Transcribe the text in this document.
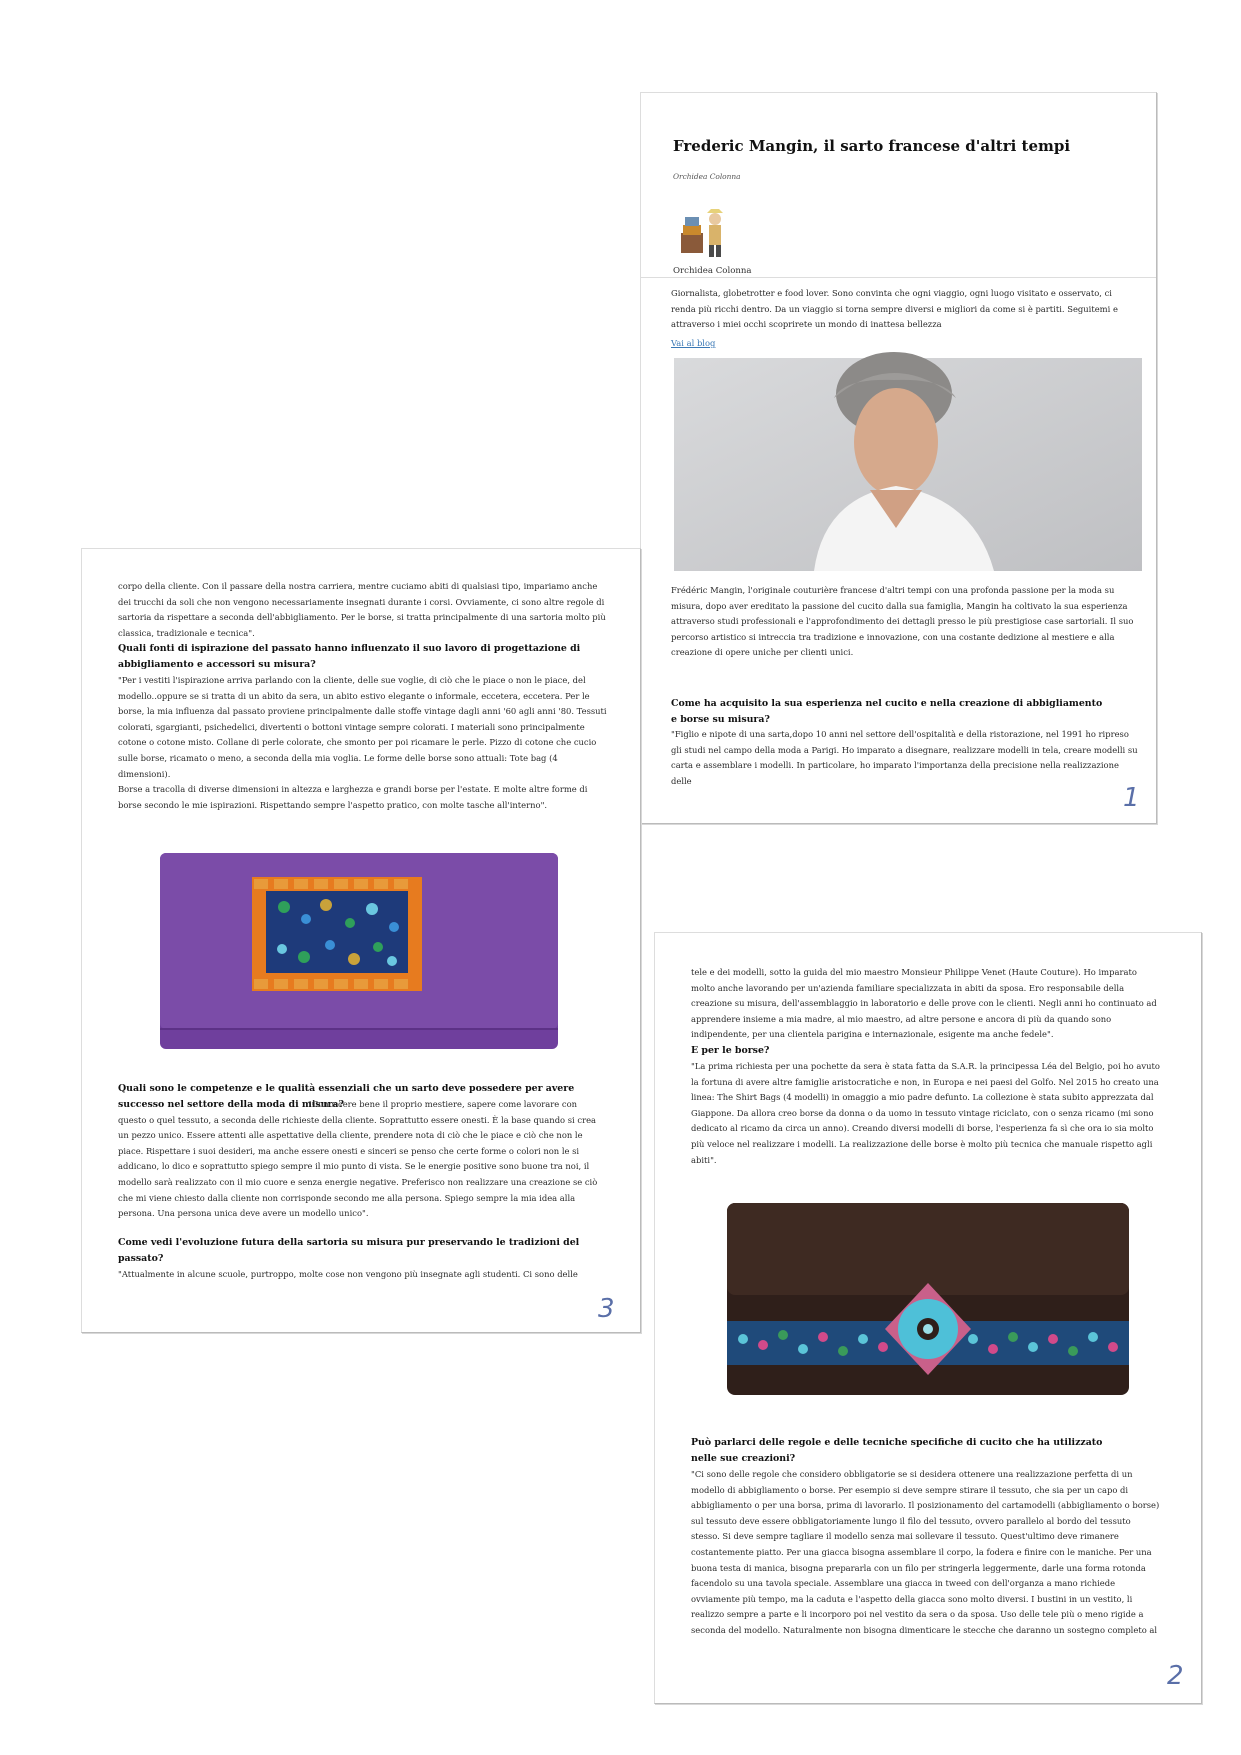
Frederic Mangin, il sarto francese d'altri tempi
Orchidea Colonna
Orchidea Colonna

Giornalista, globetrotter e food lover. Sono convinta che ogni viaggio, ogni luogo visitato e osservato, ci renda più ricchi dentro. Da un viaggio si torna sempre diversi e migliori da come si è partiti. Seguitemi e attraverso i miei occhi scoprirete un mondo di inattesa bellezza

Vai al blog

Frédéric Mangin, l'originale couturière francese d'altri tempi con una profonda passione per la moda su misura, dopo aver ereditato la passione del cucito dalla sua famiglia, Mangin ha coltivato la sua esperienza attraverso studi professionali e l'approfondimento dei dettagli presso le più prestigiose case sartoriali. Il suo percorso artistico si intreccia tra tradizione e innovazione, con una costante dedizione al mestiere e alla creazione di opere uniche per clienti unici.

Come ha acquisito la sua esperienza nel cucito e nella creazione di abbigliamento e borse su misura?

"Figlio e nipote di una sarta,dopo 10 anni nel settore dell'ospitalità e della ristorazione, nel 1991 ho ripreso gli studi nel campo della moda a Parigi. Ho imparato a disegnare, realizzare modelli in tela, creare modelli su carta e assemblare i modelli. In particolare, ho imparato l'importanza della precisione nella realizzazione delle

1

corpo della cliente. Con il passare della nostra carriera, mentre cuciamo abiti di qualsiasi tipo, impariamo anche dei trucchi da soli che non vengono necessariamente insegnati durante i corsi. Ovviamente, ci sono altre regole di sartoria da rispettare a seconda dell'abbigliamento. Per le borse, si tratta principalmente di una sartoria molto più classica, tradizionale e tecnica".

Quali fonti di ispirazione del passato hanno influenzato il suo lavoro di progettazione di abbigliamento e accessori su misura?

"Per i vestiti l'ispirazione arriva parlando con la cliente, delle sue voglie, di ciò che le piace o non le piace, del modello..oppure se si tratta di un abito da sera, un abito estivo elegante o informale, eccetera, eccetera. Per le borse, la mia influenza dal passato proviene principalmente dalle stoffe vintage dagli anni '60 agli anni '80. Tessuti colorati, sgargianti, psichedelici, divertenti o bottoni vintage sempre colorati. I materiali sono principalmente cotone o cotone misto. Collane di perle colorate, che smonto per poi ricamare le perle. Pizzo di cotone che cucio sulle borse, ricamato o meno, a seconda della mia voglia. Le forme delle borse sono attuali: Tote bag (4 dimensioni).

Borse a tracolla di diverse dimensioni in altezza e larghezza e grandi borse per l'estate. E molte altre forme di borse secondo le mie ispirazioni. Rispettando sempre l'aspetto pratico, con molte tasche all'interno".

Quali sono le competenze e le qualità essenziali che un sarto deve possedere per avere successo nel settore della moda di misura?

"Conoscere bene il proprio mestiere, sapere come lavorare con questo o quel tessuto, a seconda delle richieste della cliente. Soprattutto essere onesti. È la base quando si crea un pezzo unico. Essere attenti alle aspettative della cliente, prendere nota di ciò che le piace e ciò che non le piace. Rispettare i suoi desideri, ma anche essere onesti e sinceri se penso che certe forme o colori non le si addicano, lo dico e soprattutto spiego sempre il mio punto di vista. Se le energie positive sono buone tra noi, il modello sarà realizzato con il mio cuore e senza energie negative. Preferisco non realizzare una creazione se ciò che mi viene chiesto dalla cliente non corrisponde secondo me alla persona. Spiego sempre la mia idea alla persona. Una persona unica deve avere un modello unico".

Come vedi l'evoluzione futura della sartoria su misura pur preservando le tradizioni del passato?

"Attualmente in alcune scuole, purtroppo, molte cose non vengono più insegnate agli studenti. Ci sono delle

3

tele e dei modelli, sotto la guida del mio maestro Monsieur Philippe Venet (Haute Couture). Ho imparato molto anche lavorando per un'azienda familiare specializzata in abiti da sposa. Ero responsabile della creazione su misura, dell'assemblaggio in laboratorio e delle prove con le clienti. Negli anni ho continuato ad apprendere insieme a mia madre, al mio maestro, ad altre persone e ancora di più da quando sono indipendente, per una clientela parigina e internazionale, esigente ma anche fedele".

E per le borse?

"La prima richiesta per una pochette da sera è stata fatta da S.A.R. la principessa Léa del Belgio, poi ho avuto la fortuna di avere altre famiglie aristocratiche e non, in Europa e nei paesi del Golfo. Nel 2015 ho creato una linea: The Shirt Bags (4 modelli) in omaggio a mio padre defunto. La collezione è stata subito apprezzata dal Giappone. Da allora creo borse da donna o da uomo in tessuto vintage riciclato, con o senza ricamo (mi sono dedicato al ricamo da circa un anno). Creando diversi modelli di borse, l'esperienza fa sì che ora io sia molto più veloce nel realizzare i modelli. La realizzazione delle borse è molto più tecnica che manuale rispetto agli abiti".

Può parlarci delle regole e delle tecniche specifiche di cucito che ha utilizzato nelle sue creazioni?

"Ci sono delle regole che considero obbligatorie se si desidera ottenere una realizzazione perfetta di un modello di abbigliamento o borse. Per esempio si deve sempre stirare il tessuto, che sia per un capo di abbigliamento o per una borsa, prima di lavorarlo. Il posizionamento del cartamodelli (abbigliamento o borse) sul tessuto deve essere obbligatoriamente lungo il filo del tessuto, ovvero parallelo al bordo del tessuto stesso. Si deve sempre tagliare il modello senza mai sollevare il tessuto. Quest'ultimo deve rimanere costantemente piatto. Per una giacca bisogna assemblare il corpo, la fodera e finire con le maniche. Per una buona testa di manica, bisogna prepararla con un filo per stringerla leggermente, darle una forma rotonda facendolo su una tavola speciale. Assemblare una giacca in tweed con dell'organza a mano richiede ovviamente più tempo, ma la caduta e l'aspetto della giacca sono molto diversi. I bustini in un vestito, li realizzo sempre a parte e li incorporo poi nel vestito da sera o da sposa. Uso delle tele più o meno rigide a seconda del modello. Naturalmente non bisogna dimenticare le stecche che daranno un sostegno completo al

2
